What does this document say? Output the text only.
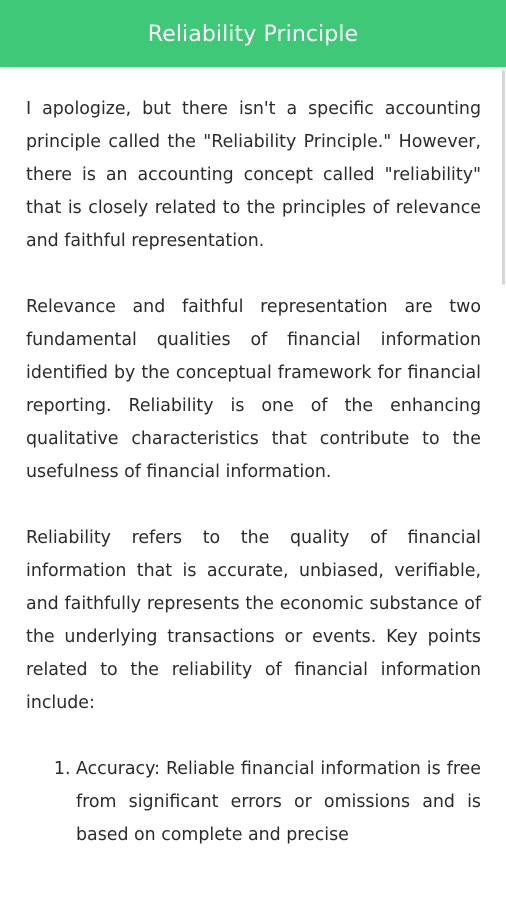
Reliability Principle

I apologize, but there isn't a specific accounting principle called the "Reliability Principle." However, there is an accounting concept called "reliability" that is closely related to the principles of relevance and faithful representation.

Relevance and faithful representation are two fundamental qualities of financial information identified by the conceptual framework for financial reporting. Reliability is one of the enhancing qualitative characteristics that contribute to the usefulness of financial information.

Reliability refers to the quality of financial information that is accurate, unbiased, verifiable, and faithfully represents the economic substance of the underlying transactions or events. Key points related to the reliability of financial information include:

1. Accuracy: Reliable financial information is free from significant errors or omissions and is based on complete and precise
